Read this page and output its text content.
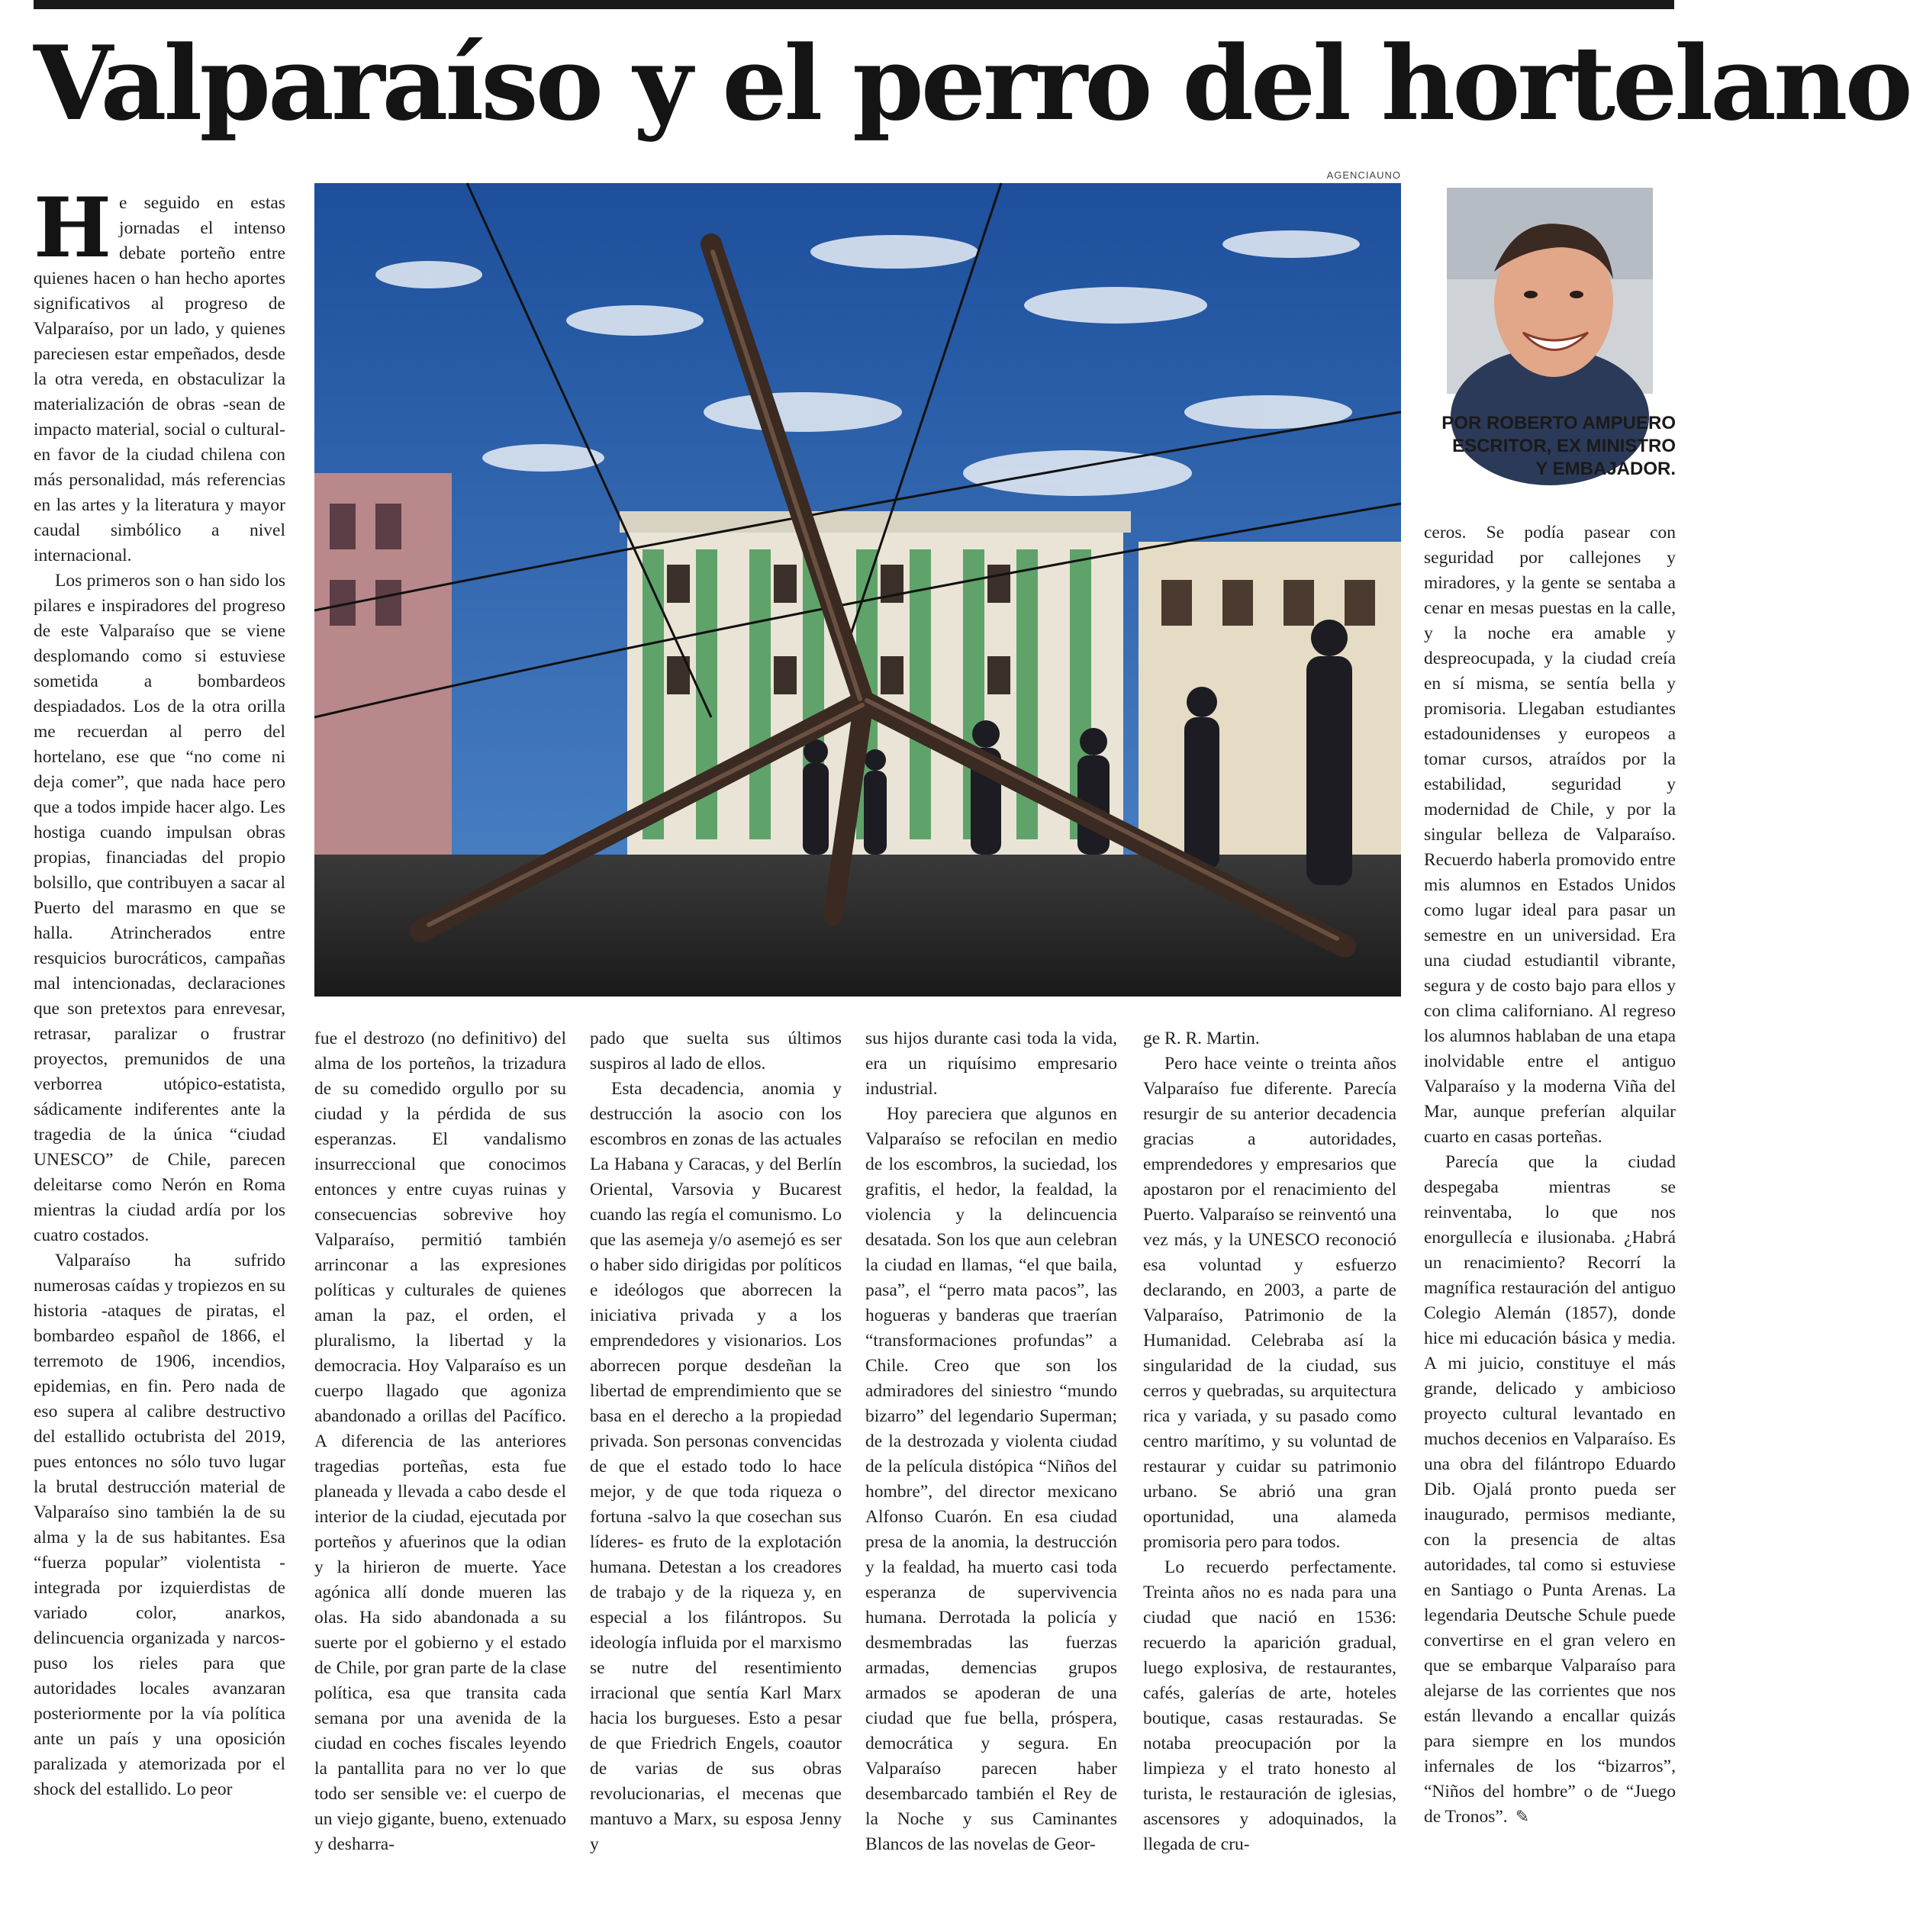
Valparaíso y el perro del hortelano
AGENCIAUNO
POR ROBERTO AMPUERO
ESCRITOR, EX MINISTRO
Y EMBAJADOR.

He seguido en estas jornadas el intenso debate porteño entre quienes hacen o han hecho aportes significativos al progreso de Valparaíso, por un lado, y quienes pareciesen estar empeñados, desde la otra vereda, en obstaculizar la materialización de obras -sean de impacto material, social o cultural- en favor de la ciudad chilena con más personalidad, más referencias en las artes y la literatura y mayor caudal simbólico a nivel internacional.

Los primeros son o han sido los pilares e inspiradores del progreso de este Valparaíso que se viene desplomando como si estuviese sometida a bombardeos despiadados. Los de la otra orilla me recuerdan al perro del hortelano, ese que “no come ni deja comer”, que nada hace pero que a todos impide hacer algo. Les hostiga cuando impulsan obras propias, financiadas del propio bolsillo, que contribuyen a sacar al Puerto del marasmo en que se halla. Atrincherados entre resquicios burocráticos, campañas mal intencionadas, declaraciones que son pretextos para enrevesar, retrasar, paralizar o frustrar proyectos, premunidos de una verborrea utópico-estatista, sádicamente indiferentes ante la tragedia de la única “ciudad UNESCO” de Chile, parecen deleitarse como Nerón en Roma mientras la ciudad ardía por los cuatro costados.

Valparaíso ha sufrido numerosas caídas y tropiezos en su historia -ataques de piratas, el bombardeo español de 1866, el terremoto de 1906, incendios, epidemias, en fin. Pero nada de eso supera al calibre destructivo del estallido octubrista del 2019, pues entonces no sólo tuvo lugar la brutal destrucción material de Valparaíso sino también la de su alma y la de sus habitantes. Esa “fuerza popular” violentista -integrada por izquierdistas de variado color, anarkos, delincuencia organizada y narcos- puso los rieles para que autoridades locales avanzaran posteriormente por la vía política ante un país y una oposición paralizada y atemorizada por el shock del estallido. Lo peor

fue el destrozo (no definitivo) del alma de los porteños, la trizadura de su comedido orgullo por su ciudad y la pérdida de sus esperanzas. El vandalismo insurreccional que conocimos entonces y entre cuyas ruinas y consecuencias sobrevive hoy Valparaíso, permitió también arrinconar a las expresiones políticas y culturales de quienes aman la paz, el orden, el pluralismo, la libertad y la democracia. Hoy Valparaíso es un cuerpo llagado que agoniza abandonado a orillas del Pacífico. A diferencia de las anteriores tragedias porteñas, esta fue planeada y llevada a cabo desde el interior de la ciudad, ejecutada por porteños y afuerinos que la odian y la hirieron de muerte. Yace agónica allí donde mueren las olas. Ha sido abandonada a su suerte por el gobierno y el estado de Chile, por gran parte de la clase política, esa que transita cada semana por una avenida de la ciudad en coches fiscales leyendo la pantallita para no ver lo que todo ser sensible ve: el cuerpo de un viejo gigante, bueno, extenuado y desharra-

pado que suelta sus últimos suspiros al lado de ellos.

Esta decadencia, anomia y destrucción la asocio con los escombros en zonas de las actuales La Habana y Caracas, y del Berlín Oriental, Varsovia y Bucarest cuando las regía el comunismo. Lo que las asemeja y/o asemejó es ser o haber sido dirigidas por políticos e ideólogos que aborrecen la iniciativa privada y a los emprendedores y visionarios. Los aborrecen porque desdeñan la libertad de emprendimiento que se basa en el derecho a la propiedad privada. Son personas convencidas de que el estado todo lo hace mejor, y de que toda riqueza o fortuna -salvo la que cosechan sus líderes- es fruto de la explotación humana. Detestan a los creadores de trabajo y de la riqueza y, en especial a los filántropos. Su ideología influida por el marxismo se nutre del resentimiento irracional que sentía Karl Marx hacia los burgueses. Esto a pesar de que Friedrich Engels, coautor de varias de sus obras revolucionarias, el mecenas que mantuvo a Marx, su esposa Jenny y

sus hijos durante casi toda la vida, era un riquísimo empresario industrial.

Hoy pareciera que algunos en Valparaíso se refocilan en medio de los escombros, la suciedad, los grafitis, el hedor, la fealdad, la violencia y la delincuencia desatada. Son los que aun celebran la ciudad en llamas, “el que baila, pasa”, el “perro mata pacos”, las hogueras y banderas que traerían “transformaciones profundas” a Chile. Creo que son los admiradores del siniestro “mundo bizarro” del legendario Superman; de la destrozada y violenta ciudad de la película distópica “Niños del hombre”, del director mexicano Alfonso Cuarón. En esa ciudad presa de la anomia, la destrucción y la fealdad, ha muerto casi toda esperanza de supervivencia humana. Derrotada la policía y desmembradas las fuerzas armadas, demencias grupos armados se apoderan de una ciudad que fue bella, próspera, democrática y segura. En Valparaíso parecen haber desembarcado también el Rey de la Noche y sus Caminantes Blancos de las novelas de Geor-

ge R. R. Martin.

Pero hace veinte o treinta años Valparaíso fue diferente. Parecía resurgir de su anterior decadencia gracias a autoridades, emprendedores y empresarios que apostaron por el renacimiento del Puerto. Valparaíso se reinventó una vez más, y la UNESCO reconoció esa voluntad y esfuerzo declarando, en 2003, a parte de Valparaíso, Patrimonio de la Humanidad. Celebraba así la singularidad de la ciudad, sus cerros y quebradas, su arquitectura rica y variada, y su pasado como centro marítimo, y su voluntad de restaurar y cuidar su patrimonio urbano. Se abrió una gran oportunidad, una alameda promisoria pero para todos.

Lo recuerdo perfectamente. Treinta años no es nada para una ciudad que nació en 1536: recuerdo la aparición gradual, luego explosiva, de restaurantes, cafés, galerías de arte, hoteles boutique, casas restauradas. Se notaba preocupación por la limpieza y el trato honesto al turista, le restauración de iglesias, ascensores y adoquinados, la llegada de cru-

ceros. Se podía pasear con seguridad por callejones y miradores, y la gente se sentaba a cenar en mesas puestas en la calle, y la noche era amable y despreocupada, y la ciudad creía en sí misma, se sentía bella y promisoria. Llegaban estudiantes estadounidenses y europeos a tomar cursos, atraídos por la estabilidad, seguridad y modernidad de Chile, y por la singular belleza de Valparaíso. Recuerdo haberla promovido entre mis alumnos en Estados Unidos como lugar ideal para pasar un semestre en un universidad. Era una ciudad estudiantil vibrante, segura y de costo bajo para ellos y con clima californiano. Al regreso los alumnos hablaban de una etapa inolvidable entre el antiguo Valparaíso y la moderna Viña del Mar, aunque preferían alquilar cuarto en casas porteñas.

Parecía que la ciudad despegaba mientras se reinventaba, lo que nos enorgullecía e ilusionaba. ¿Habrá un renacimiento? Recorrí la magnífica restauración del antiguo Colegio Alemán (1857), donde hice mi educación básica y media. A mi juicio, constituye el más grande, delicado y ambicioso proyecto cultural levantado en muchos decenios en Valparaíso. Es una obra del filántropo Eduardo Dib. Ojalá pronto pueda ser inaugurado, permisos mediante, con la presencia de altas autoridades, tal como si estuviese en Santiago o Punta Arenas. La legendaria Deutsche Schule puede convertirse en el gran velero en que se embarque Valparaíso para alejarse de las corrientes que nos están llevando a encallar quizás para siempre en los mundos infernales de los “bizarros”, “Niños del hombre” o de “Juego de Tronos”. ✎
